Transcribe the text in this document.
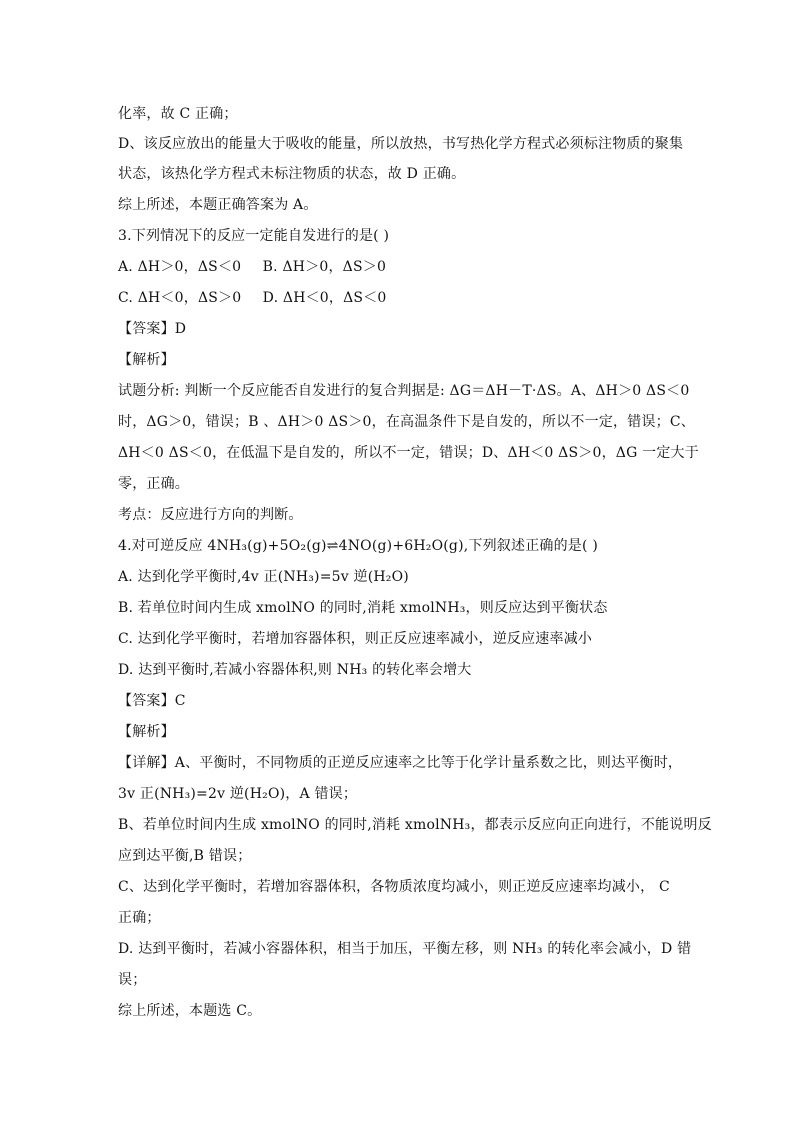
化率，故 C 正确；
D、该反应放出的能量大于吸收的能量，所以放热，书写热化学方程式必须标注物质的聚集
状态，该热化学方程式未标注物质的状态，故 D 正确。
综上所述，本题正确答案为 A。
3.下列情况下的反应一定能自发进行的是( )
A. ΔH＞0，ΔS＜0 B. ΔH＞0，ΔS＞0
C. ΔH＜0，ΔS＞0 D. ΔH＜0，ΔS＜0
【答案】D
【解析】
试题分析: 判断一个反应能否自发进行的复合判据是: ΔG＝ΔH－T·ΔS。A、ΔH＞0 ΔS＜0
时，ΔG＞0，错误；B 、ΔH＞0 ΔS＞0，在高温条件下是自发的，所以不一定，错误；C、
ΔH＜0 ΔS＜0，在低温下是自发的，所以不一定，错误；D、ΔH＜0 ΔS＞0，ΔG 一定大于
零，正确。
考点：反应进行方向的判断。
4.对可逆反应 4NH₃(g)+5O₂(g)⇌4NO(g)+6H₂O(g),下列叙述正确的是( )
A. 达到化学平衡时,4v 正(NH₃)=5v 逆(H₂O)
B. 若单位时间内生成 xmolNO 的同时,消耗 xmolNH₃，则反应达到平衡状态
C. 达到化学平衡时，若增加容器体积，则正反应速率减小，逆反应速率减小
D. 达到平衡时,若减小容器体积,则 NH₃ 的转化率会增大
【答案】C
【解析】
【详解】A、平衡时，不同物质的正逆反应速率之比等于化学计量系数之比，则达平衡时，
3v 正(NH₃)=2v 逆(H₂O)，A 错误；
B、若单位时间内生成 xmolNO 的同时,消耗 xmolNH₃，都表示反应向正向进行，不能说明反
应到达平衡,B 错误；
C、达到化学平衡时，若增加容器体积，各物质浓度均减小，则正逆反应速率均减小， C
正确；
D. 达到平衡时，若减小容器体积，相当于加压，平衡左移，则 NH₃ 的转化率会减小，D 错
误；
综上所述，本题选 C。
